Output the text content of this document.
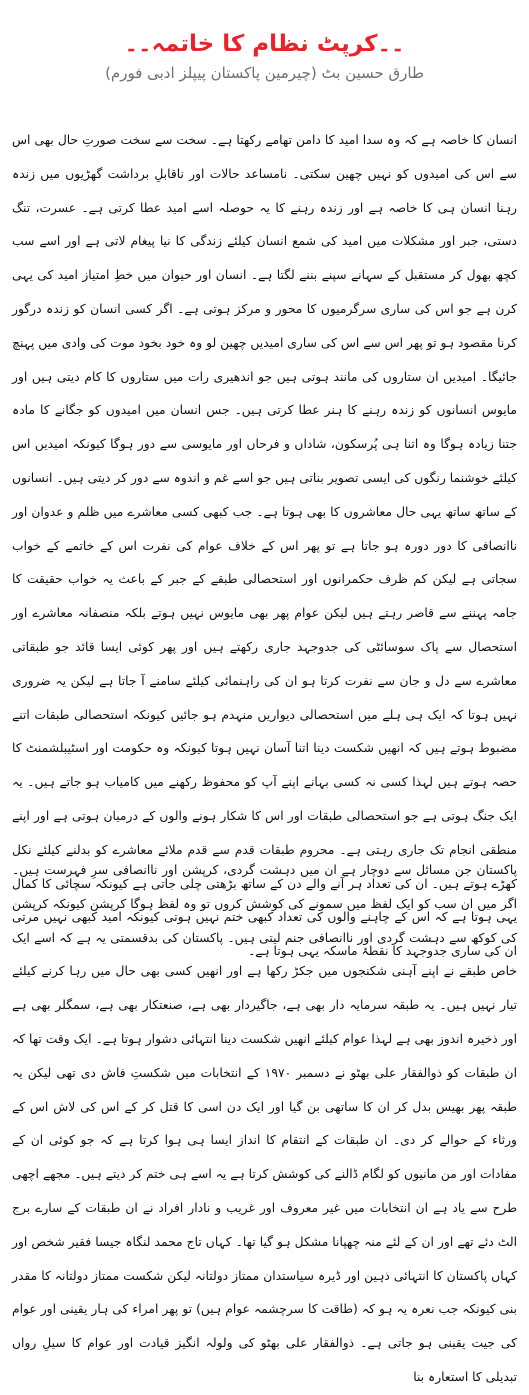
۔۔کرپٹ نظام کا خاتمہ۔۔

طارق حسین بٹ (چیرمین پاکستان پیپلز ادبی فورم)

انسان کا خاصہ ہے کہ وہ سدا امید کا دامن تھامے رکھتا ہے۔ سخت سے سخت صورتِ حال بھی اس سے اس کی امیدوں کو نہیں چھین سکتی۔ نامساعد حالات اور ناقابلِ برداشت گھڑیوں میں زندہ رہنا انسان ہی کا خاصہ ہے اور زندہ رہنے کا یہ حوصلہ اسے امید عطا کرتی ہے۔ عسرت، تنگ دستی، جبر اور مشکلات میں امید کی شمع انسان کیلئے زندگی کا نیا پیغام لاتی ہے اور اسے سب کچھ بھول کر مستقبل کے سہانے سپنے بننے لگتا ہے۔ انسان اور حیوان میں خطِ امتیاز امید کی یہی کرن ہے جو اس کی ساری سرگرمیوں کا محور و مرکز ہوتی ہے۔ اگر کسی انسان کو زندہ درگور کرنا مقصود ہو تو پھر اس سے اس کی ساری امیدیں چھین لو وہ خود بخود موت کی وادی میں پہنچ جائیگا۔ امیدیں ان ستاروں کی مانند ہوتی ہیں جو اندھیری رات میں ستاروں کا کام دیتی ہیں اور مایوس انسانوں کو زندہ رہنے کا ہنر عطا کرتی ہیں۔ جس انسان میں امیدوں کو جگانے کا مادہ جتنا زیادہ ہوگا وہ اتنا ہی پُرسکون، شاداں و فرحاں اور مایوسی سے دور ہوگا کیونکہ امیدیں اس کیلئے خوشنما رنگوں کی ایسی تصویر بناتی ہیں جو اسے غم و اندوہ سے دور کر دیتی ہیں۔ انسانوں کے ساتھ ساتھ یہی حال معاشروں کا بھی ہوتا ہے۔ جب کبھی کسی معاشرے میں ظلم و عدوان اور ناانصافی کا دور دورہ ہو جاتا ہے تو پھر اس کے خلاف عوام کی نفرت اس کے خاتمے کے خواب سجاتی ہے لیکن کم ظرف حکمرانوں اور استحصالی طبقے کے جبر کے باعث یہ خواب حقیقت کا جامہ پہننے سے قاصر رہتے ہیں لیکن عوام پھر بھی مایوس نہیں ہوتے بلکہ منصفانہ معاشرے اور استحصال سے پاک سوسائٹی کی جدوجہد جاری رکھتے ہیں اور پھر کوئی ایسا قائد جو طبقاتی معاشرے سے دل و جان سے نفرت کرتا ہو ان کی راہنمائی کیلئے سامنے آ جاتا ہے لیکن یہ ضروری نہیں ہوتا کہ ایک ہی ہلے میں استحصالی دیواریں منہدم ہو جائیں کیونکہ استحصالی طبقات اتنے مضبوط ہوتے ہیں کہ انھیں شکست دینا اتنا آسان نہیں ہوتا کیونکہ وہ حکومت اور اسٹیبلشمنٹ کا حصہ ہوتے ہیں لہذا کسی نہ کسی بہانے اپنے آپ کو محفوظ رکھنے میں کامیاب ہو جاتے ہیں۔ یہ ایک جنگ ہوتی ہے جو استحصالی طبقات اور اس کا شکار ہونے والوں کے درمیان ہوتی ہے اور اپنے منطقی انجام تک جاری رہتی ہے۔ محروم طبقات قدم سے قدم ملائے معاشرے کو بدلنے کیلئے نکل کھڑے ہوتے ہیں۔ ان کی تعداد ہر آنے والے دن کے ساتھ بڑھتی چلی جاتی ہے کیونکہ سچائی کا کمال یہی ہوتا ہے کہ اس کے چاہنے والوں کی تعداد کبھی ختم نہیں ہوتی کیونکہ امید کبھی نہیں مرتی ان کی ساری جدوجہد کا نقطۂ ماسکہ یہی ہوتا ہے۔

پاکستان جن مسائل سے دوچار ہے ان میں دہشت گردی، کرپشن اور ناانصافی سرِ فہرست ہیں۔ اگر میں ان سب کو ایک لفظ میں سمونے کی کوشش کروں تو وہ لفظ ہوگا کرپشن کیونکہ کرپشن کی کوکھ سے دہشت گردی اور ناانصافی جنم لیتی ہیں۔ پاکستان کی بدقسمتی یہ ہے کہ اسے ایک خاص طبقے نے اپنے آہنی شکنجوں میں جکڑ رکھا ہے اور انھیں کسی بھی حال میں رہا کرنے کیلئے تیار نہیں ہیں۔ یہ طبقہ سرمایہ دار بھی ہے، جاگیردار بھی ہے، صنعتکار بھی ہے، سمگلر بھی ہے اور ذخیرہ اندوز بھی ہے لہذا عوام کیلئے انھیں شکست دینا انتہائی دشوار ہوتا ہے۔ ایک وقت تھا کہ ان طبقات کو ذوالفقار علی بھٹو نے دسمبر ۱۹۷۰ کے انتخابات میں شکستِ فاش دی تھی لیکن یہ طبقہ پھر بھیس بدل کر ان کا ساتھی بن گیا اور ایک دن اسی کا قتل کر کے اس کی لاش اس کے ورثاء کے حوالے کر دی۔ ان طبقات کے انتقام کا انداز ایسا ہی ہوا کرتا ہے کہ جو کوئی ان کے مفادات اور من مانیوں کو لگام ڈالنے کی کوشش کرتا ہے یہ اسے ہی ختم کر دیتے ہیں۔ مجھے اچھی طرح سے یاد ہے ان انتخابات میں غیر معروف اور غریب و نادار افراد نے ان طبقات کے سارے برج الٹ دئے تھے اور ان کے لئے منہ چھپانا مشکل ہو گیا تھا۔ کہاں تاج محمد لنگاہ جیسا فقیر شخص اور کہاں پاکستان کا انتہائی ذہین اور ڈیرہ سیاستدان ممتاز دولتانہ لیکن شکست ممتاز دولتانہ کا مقدر بنی کیونکہ جب نعرہ یہ ہو کہ (طاقت کا سرچشمہ عوام ہیں) تو پھر امراء کی ہار یقینی اور عوام کی جیت یقینی ہو جاتی ہے۔ ذوالفقار علی بھٹو کی ولولہ انگیز قیادت اور عوام کا سیلِ رواں تبدیلی کا استعارہ بنا
